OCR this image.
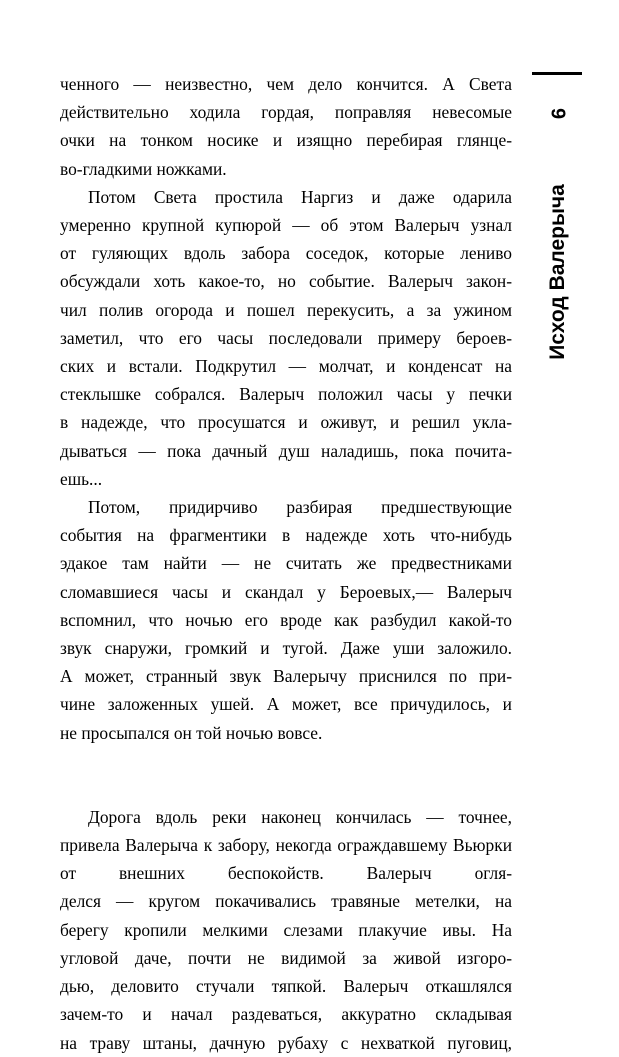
ченного — неизвестно, чем дело кончится. А Света
действительно ходила гордая, поправляя невесомые
очки на тонком носике и изящно перебирая глянце-
во-гладкими ножками.
Потом Света простила Наргиз и даже одарила
умеренно крупной купюрой — об этом Валерыч узнал
от гуляющих вдоль забора соседок, которые лениво
обсуждали хоть какое-то, но событие. Валерыч закон-
чил полив огорода и пошел перекусить, а за ужином
заметил, что его часы последовали примеру бероев-
ских и встали. Подкрутил — молчат, и конденсат на
стеклышке собрался. Валерыч положил часы у печки
в надежде, что просушатся и оживут, и решил укла-
дываться — пока дачный душ наладишь, пока почита-
ешь...
Потом, придирчиво разбирая предшествующие
события на фрагментики в надежде хоть что-нибудь
эдакое там найти — не считать же предвестниками
сломавшиеся часы и скандал у Бероевых,— Валерыч
вспомнил, что ночью его вроде как разбудил какой-то
звук снаружи, громкий и тугой. Даже уши заложило.
А может, странный звук Валерычу приснился по при-
чине заложенных ушей. А может, все причудилось, и
не просыпался он той ночью вовсе.
Дорога вдоль реки наконец кончилась — точнее,
привела Валерыча к забору, некогда ограждавшему Вьюрки от внешних беспокойств. Валерыч огля-
делся — кругом покачивались травяные метелки, на
берегу кропили мелкими слезами плакучие ивы. На
угловой даче, почти не видимой за живой изгоро-
дью, деловито стучали тяпкой. Валерыч откашлялся
зачем-то и начал раздеваться, аккуратно складывая
на траву штаны, дачную рубаху с нехваткой пуговиц,
9
Исход Валерыча
